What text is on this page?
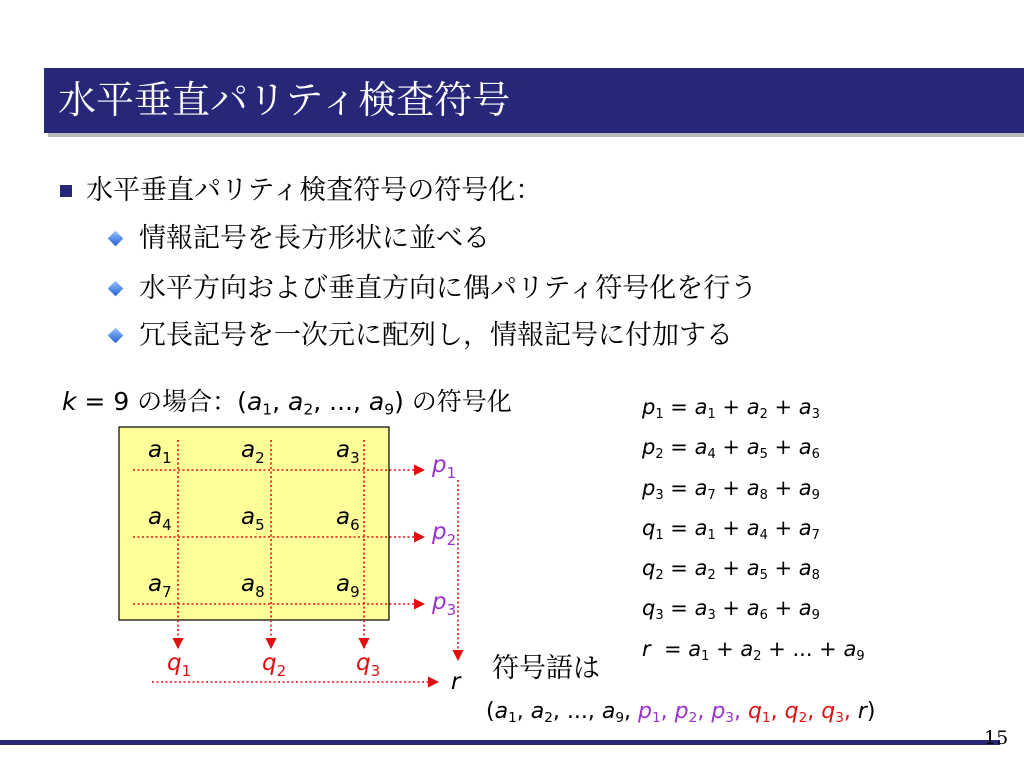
水平垂直パリティ検査符号
水平垂直パリティ検査符号の符号化：
情報記号を長方形状に並べる
水平方向および垂直方向に偶パリティ符号化を行う
冗長記号を一次元に配列し，情報記号に付加する
k = 9 の場合：($a_1$, $a_2$, ..., $a_9$) の符号化
$a_1$	$a_2$	$a_3$
$a_4$	$a_5$	$a_6$
$a_7$	$a_8$	$a_9$
$p_1$
$p_2$
$p_3$
$q_1$	$q_2$	$q_3$	r
$p_1 = a_1 + a_2 + a_3$
$p_2 = a_4 + a_5 + a_6$
$p_3 = a_7 + a_8 + a_9$
$q_1 = a_1 + a_4 + a_7$
$q_2 = a_2 + a_5 + a_8$
$q_3 = a_3 + a_6 + a_9$
$r = a_1 + a_2$ + ... + $a_9$
符号語は
($a_1$, $a_2$, ..., $a_9$, $p_1$, $p_2$, $p_3$, $q_1$, $q_2$, $q_3$, r)
15
